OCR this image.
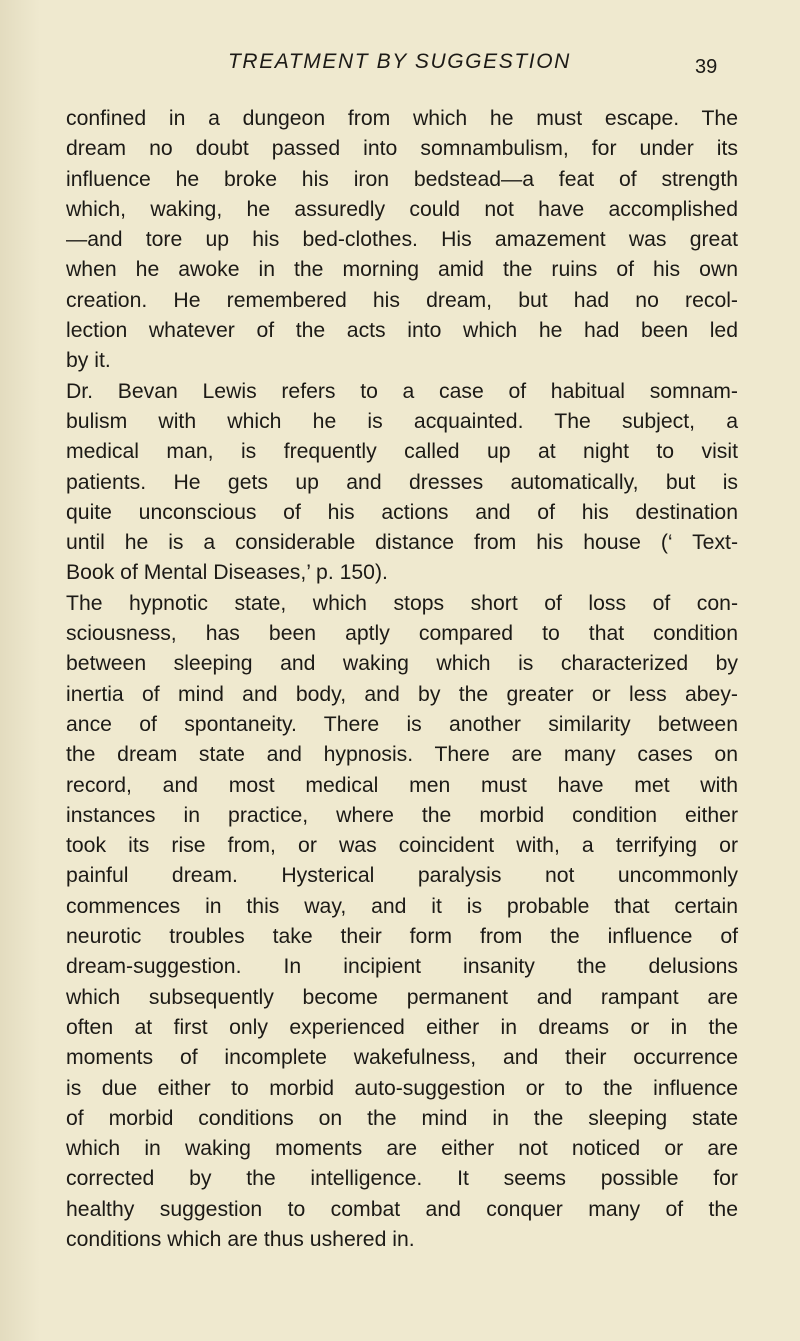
TREATMENT BY SUGGESTION	39
confined in a dungeon from which he must escape. The
dream no doubt passed into somnambulism, for under its
influence he broke his iron bedstead—a feat of strength
which, waking, he assuredly could not have accomplished
—and tore up his bed-clothes. His amazement was great
when he awoke in the morning amid the ruins of his own
creation. He remembered his dream, but had no recol-
lection whatever of the acts into which he had been led
by it.
Dr. Bevan Lewis refers to a case of habitual somnam-
bulism with which he is acquainted. The subject, a
medical man, is frequently called up at night to visit
patients. He gets up and dresses automatically, but is
quite unconscious of his actions and of his destination
until he is a considerable distance from his house (‘ Text-
Book of Mental Diseases,’ p. 150).
The hypnotic state, which stops short of loss of con-
sciousness, has been aptly compared to that condition
between sleeping and waking which is characterized by
inertia of mind and body, and by the greater or less abey-
ance of spontaneity. There is another similarity between
the dream state and hypnosis. There are many cases on
record, and most medical men must have met with
instances in practice, where the morbid condition either
took its rise from, or was coincident with, a terrifying or
painful dream. Hysterical paralysis not uncommonly
commences in this way, and it is probable that certain
neurotic troubles take their form from the influence of
dream-suggestion. In incipient insanity the delusions
which subsequently become permanent and rampant are
often at first only experienced either in dreams or in the
moments of incomplete wakefulness, and their occurrence
is due either to morbid auto-suggestion or to the influence
of morbid conditions on the mind in the sleeping state
which in waking moments are either not noticed or are
corrected by the intelligence. It seems possible for
healthy suggestion to combat and conquer many of the
conditions which are thus ushered in.
